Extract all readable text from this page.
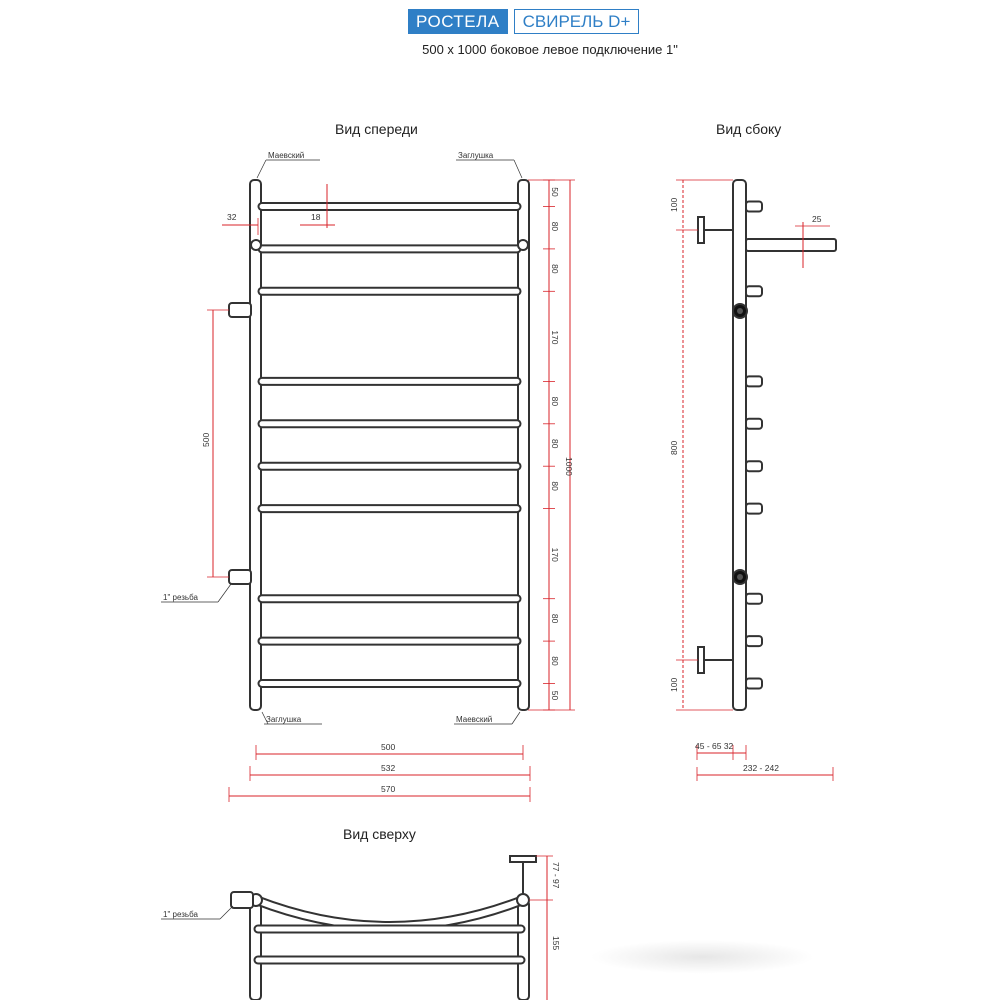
РОСТЕЛА	СВИРЕЛЬ D+
500 x 1000 боковое левое подключение 1"
Вид спереди
Маевский	Заглушка
Заглушка	Маевский
1" резьба
32	18
500
50
80
80
170
80
80
80
170
80
80
50
1000
500
532
570
Вид сбоку
100
800
100
25
45 - 65 32
232 - 242
Вид сверху
1" резьба
77 - 97
155
